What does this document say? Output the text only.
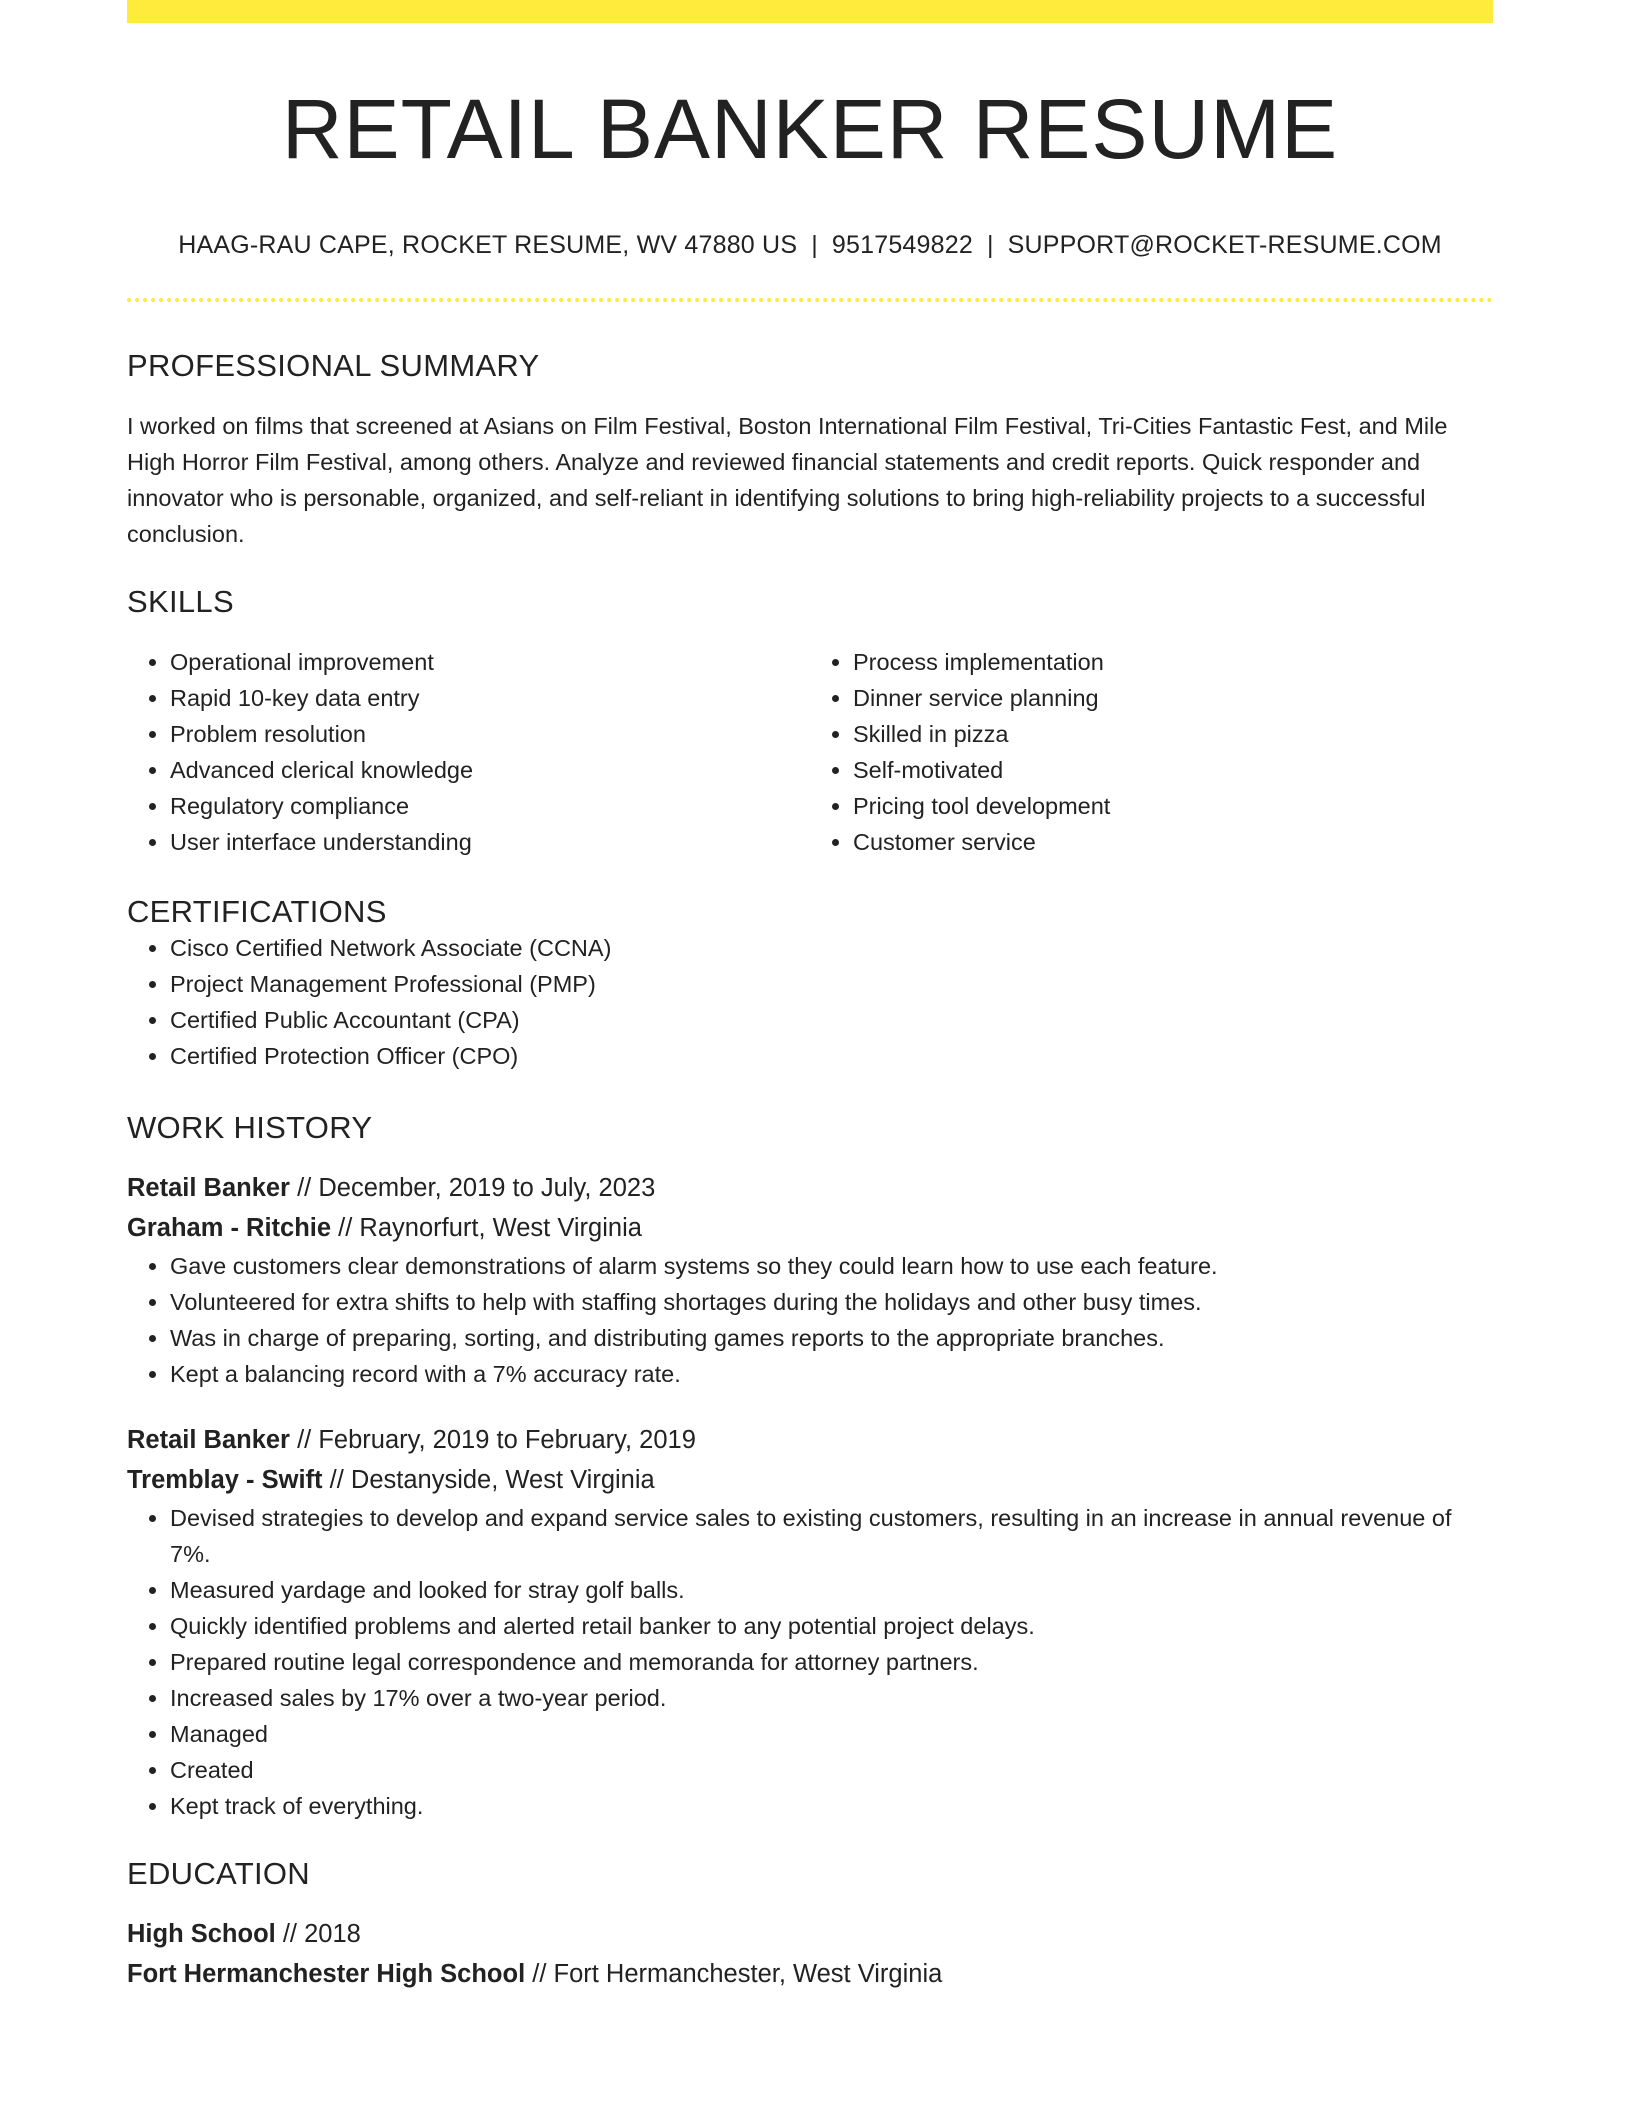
RETAIL BANKER RESUME
HAAG-RAU CAPE, ROCKET RESUME, WV 47880 US | 9517549822 | SUPPORT@ROCKET-RESUME.COM
PROFESSIONAL SUMMARY

I worked on films that screened at Asians on Film Festival, Boston International Film Festival, Tri-Cities Fantastic Fest, and Mile High Horror Film Festival, among others. Analyze and reviewed financial statements and credit reports. Quick responder and innovator who is personable, organized, and self-reliant in identifying solutions to bring high-reliability projects to a successful conclusion.

SKILLS
• Operational improvement
• Rapid 10-key data entry
• Problem resolution
• Advanced clerical knowledge
• Regulatory compliance
• User interface understanding
• Process implementation
• Dinner service planning
• Skilled in pizza
• Self-motivated
• Pricing tool development
• Customer service
CERTIFICATIONS
• Cisco Certified Network Associate (CCNA)
• Project Management Professional (PMP)
• Certified Public Accountant (CPA)
• Certified Protection Officer (CPO)
WORK HISTORY
Retail Banker // December, 2019 to July, 2023
Graham - Ritchie // Raynorfurt, West Virginia
• Gave customers clear demonstrations of alarm systems so they could learn how to use each feature.
• Volunteered for extra shifts to help with staffing shortages during the holidays and other busy times.
• Was in charge of preparing, sorting, and distributing games reports to the appropriate branches.
• Kept a balancing record with a 7% accuracy rate.
Retail Banker // February, 2019 to February, 2019
Tremblay - Swift // Destanyside, West Virginia
• Devised strategies to develop and expand service sales to existing customers, resulting in an increase in annual revenue of 7%.
• Measured yardage and looked for stray golf balls.
• Quickly identified problems and alerted retail banker to any potential project delays.
• Prepared routine legal correspondence and memoranda for attorney partners.
• Increased sales by 17% over a two-year period.
• Managed
• Created
• Kept track of everything.
EDUCATION
High School // 2018
Fort Hermanchester High School // Fort Hermanchester, West Virginia
